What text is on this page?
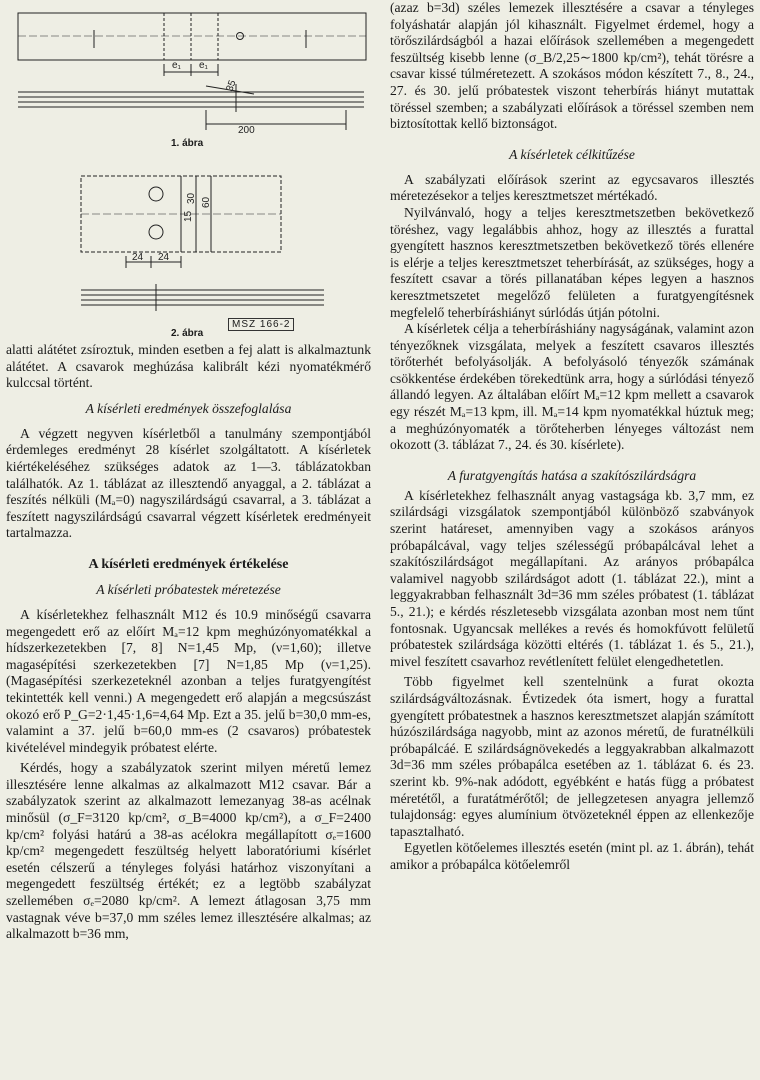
e₁ e₁
200
35
30 60
15
24 24
1. ábra
MSZ 166-2
2. ábra

alatti alátétet zsíroztuk, minden esetben a fej alatt is alkalmaztunk alátétet. A csavarok meghúzása kalibrált kézi nyomatékmérő kulccsal történt.

A kísérleti eredmények összefoglalása

A végzett negyven kísérletből a tanulmány szempontjából érdemleges eredményt 28 kísérlet szolgáltatott. A kísérletek kiértékeléséhez szükséges adatok az 1—3. táblázatokban találhatók. Az 1. táblázat az illesztendő anyaggal, a 2. táblázat a feszítés nélküli (Mₐ=0) nagyszilárdságú csavarral, a 3. táblázat a feszített nagyszilárdságú csavarral végzett kísérletek eredményeit tartalmazza.

A kísérleti eredmények értékelése
A kísérleti próbatestek méretezése

A kísérletekhez felhasznált M12 és 10.9 minőségű csavarra megengedett erő az előírt Mₐ=12 kpm meghúzónyomatékkal a hídszerkezetekben [7, 8] N=1,45 Mp, (ν=1,60); illetve magasépítési szerkezetekben [7] N=1,85 Mp (ν=1,25). (Magasépítési szerkezeteknél azonban a teljes furatgyengítést tekintették kell venni.) A megengedett erő alapján a megcsúszást okozó erő P_G=2·1,45·1,6=4,64 Mp. Ezt a 35. jelű b=30,0 mm-es, valamint a 37. jelű b=60,0 mm-es (2 csavaros) próbatestek kivételével mindegyik próbatest elérte.

Kérdés, hogy a szabályzatok szerint milyen méretű lemez illesztésére lenne alkalmas az alkalmazott M12 csavar. Bár a szabályzatok szerint az alkalmazott lemezanyag 38-as acélnak minősül (σ_F=3120 kp/cm², σ_B=4000 kp/cm²), a σ_F=2400 kp/cm² folyási határú a 38-as acélokra megállapított σₑ=1600 kp/cm² megengedett feszültség helyett laboratóriumi kísérlet esetén célszerű a tényleges folyási határhoz viszonyítani a megengedett feszültség értékét; ez a legtöbb szabályzat szellemében σₑ=2080 kp/cm². A lemezt átlagosan 3,75 mm vastagnak véve b=37,0 mm széles lemez illesztésére alkalmas; az alkalmazott b=36 mm,

(azaz b=3d) széles lemezek illesztésére a csavar a tényleges folyáshatár alapján jól kihasznált. Figyelmet érdemel, hogy a törőszilárdságból a hazai előírások szellemében a megengedett feszültség kisebb lenne (σ_B/2,25∼1800 kp/cm²), tehát törésre a csavar kissé túlméretezett. A szokásos módon készített 7., 8., 24., 27. és 30. jelű próbatestek viszont teherbírás hiányt mutattak töréssel szemben; a szabályzati előírások a töréssel szemben nem biztosítottak kellő biztonságot.

A kísérletek célkitűzése

A szabályzati előírások szerint az egycsavaros illesztés méretezésekor a teljes keresztmetszet mértékadó.

Nyilvánvaló, hogy a teljes keresztmetszetben bekövetkező töréshez, vagy legalábbis ahhoz, hogy az illesztés a furattal gyengített hasznos keresztmetszetben bekövetkező törés ellenére is elérje a teljes keresztmetszet teherbírását, az szükséges, hogy a feszített csavar a törés pillanatában képes legyen a hasznos keresztmetszetet megelőző felületen a furatgyengítésnek megfelelő teherbíráshiányt súrlódás útján pótolni.

A kísérletek célja a teherbíráshiány nagyságának, valamint azon tényezőknek vizsgálata, melyek a feszített csavaros illesztés törőterhét befolyásolják. A befolyásoló tényezők számának csökkentése érdekében törekedtünk arra, hogy a súrlódási tényező állandó legyen. Az általában előírt Mₐ=12 kpm mellett a csavarok egy részét Mₐ=13 kpm, ill. Mₐ=14 kpm nyomatékkal húztuk meg; a meghúzónyomaték a törőteherben lényeges változást nem okozott (3. táblázat 7., 24. és 30. kísérlete).

A furatgyengítás hatása a szakítószilárdságra

A kísérletekhez felhasznált anyag vastagsága kb. 3,7 mm, ez szilárdsági vizsgálatok szempontjából különböző szabványok szerint határeset, amennyiben vagy a szokásos arányos próbapálcával, vagy teljes szélességű próbapálcával lehet a szakítószilárdságot megállapítani. Az arányos próbapálca valamivel nagyobb szilárdságot adott (1. táblázat 22.), mint a leggyakrabban felhasznált 3d=36 mm széles próbatest (1. táblázat 5., 21.); e kérdés részletesebb vizsgálata azonban most nem tűnt fontosnak. Ugyancsak mellékes a revés és homokfúvott felületű próbatestek szilárdsága közötti eltérés (1. táblázat 1. és 5., 21.), mivel feszített csavarhoz revétlenített felület elengedhetetlen.

Több figyelmet kell szentelnünk a furat okozta szilárdságváltozásnak. Évtizedek óta ismert, hogy a furattal gyengített próbatestnek a hasznos keresztmetszet alapján számított húzószilárdsága nagyobb, mint az azonos méretű, de furatnélküli próbapálcáé. E szilárdságnövekedés a leggyakrabban alkalmazott 3d=36 mm széles próbapálca esetében az 1. táblázat 6. és 23. szerint kb. 9%-nak adódott, egyébként e hatás függ a próbatest méretétől, a furatátmérőtől; de jellegzetesen anyagra jellemző tulajdonság: egyes alumínium ötvözeteknél éppen az ellenkezője tapasztalható.

Egyetlen kötőelemes illesztés esetén (mint pl. az 1. ábrán), tehát amikor a próbapálca kötőelemről
